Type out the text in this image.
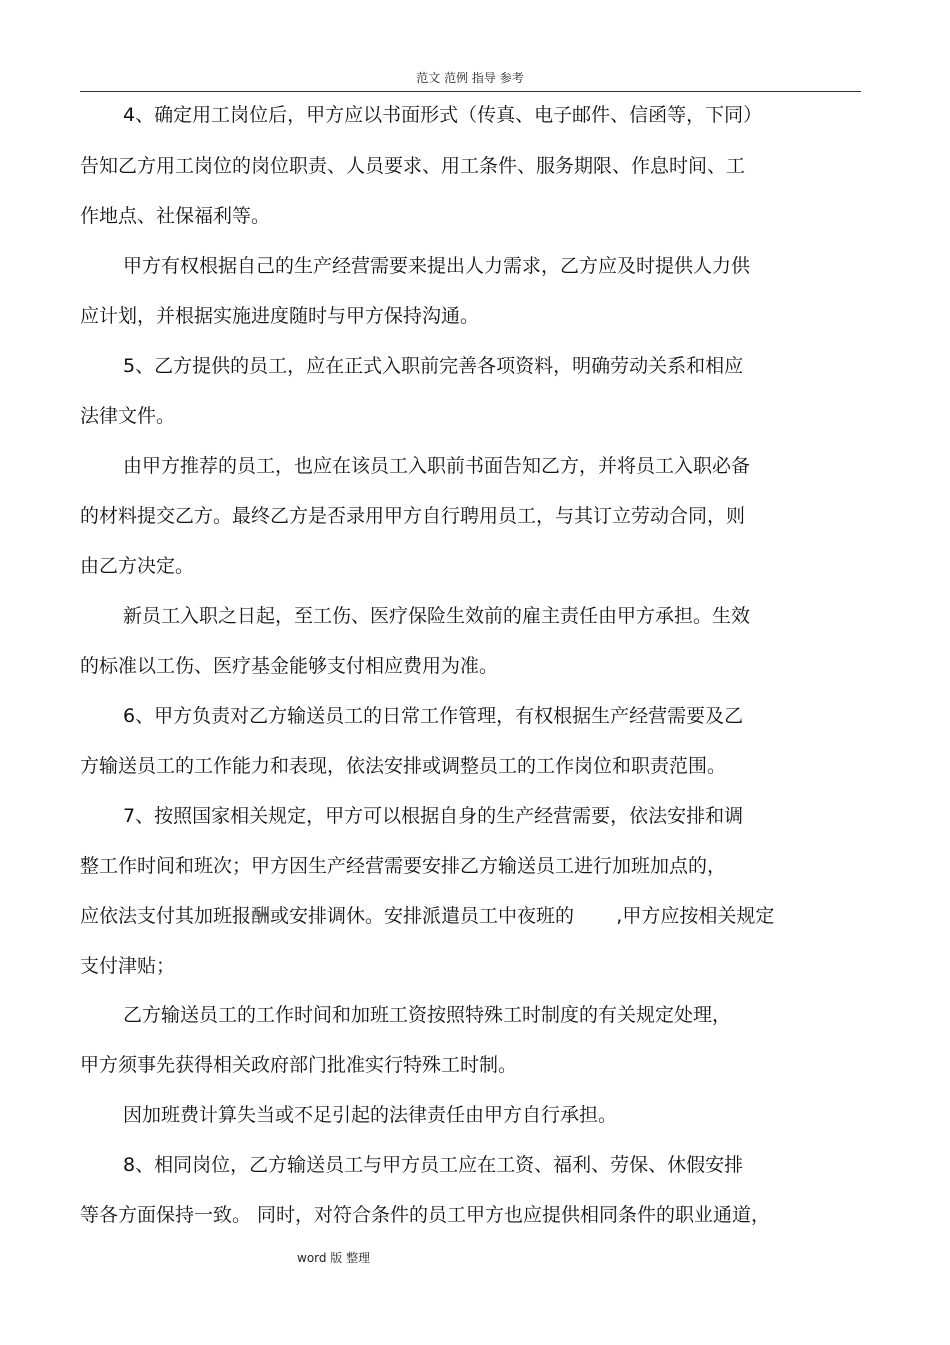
范文 范例 指导 参考
4、确定用工岗位后，甲方应以书面形式（传真、电子邮件、信函等，下同）
告知乙方用工岗位的岗位职责、人员要求、用工条件、服务期限、作息时间、工
作地点、社保福利等。
甲方有权根据自己的生产经营需要来提出人力需求，乙方应及时提供人力供
应计划，并根据实施进度随时与甲方保持沟通。
5、乙方提供的员工，应在正式入职前完善各项资料，明确劳动关系和相应
法律文件。
由甲方推荐的员工，也应在该员工入职前书面告知乙方，并将员工入职必备
的材料提交乙方。最终乙方是否录用甲方自行聘用员工，与其订立劳动合同，则
由乙方决定。
新员工入职之日起，至工伤、医疗保险生效前的雇主责任由甲方承担。生效
的标准以工伤、医疗基金能够支付相应费用为准。
6、甲方负责对乙方输送员工的日常工作管理，有权根据生产经营需要及乙
方输送员工的工作能力和表现，依法安排或调整员工的工作岗位和职责范围。
7、按照国家相关规定，甲方可以根据自身的生产经营需要，依法安排和调
整工作时间和班次；甲方因生产经营需要安排乙方输送员工进行加班加点的，
应依法支付其加班报酬或安排调休。安排派遣员工中夜班的       ,甲方应按相关规定
支付津贴；
乙方输送员工的工作时间和加班工资按照特殊工时制度的有关规定处理，
甲方须事先获得相关政府部门批准实行特殊工时制。
因加班费计算失当或不足引起的法律责任由甲方自行承担。
8、相同岗位，乙方输送员工与甲方员工应在工资、福利、劳保、休假安排
等各方面保持一致。 同时，对符合条件的员工甲方也应提供相同条件的职业通道，
word 版 整理
